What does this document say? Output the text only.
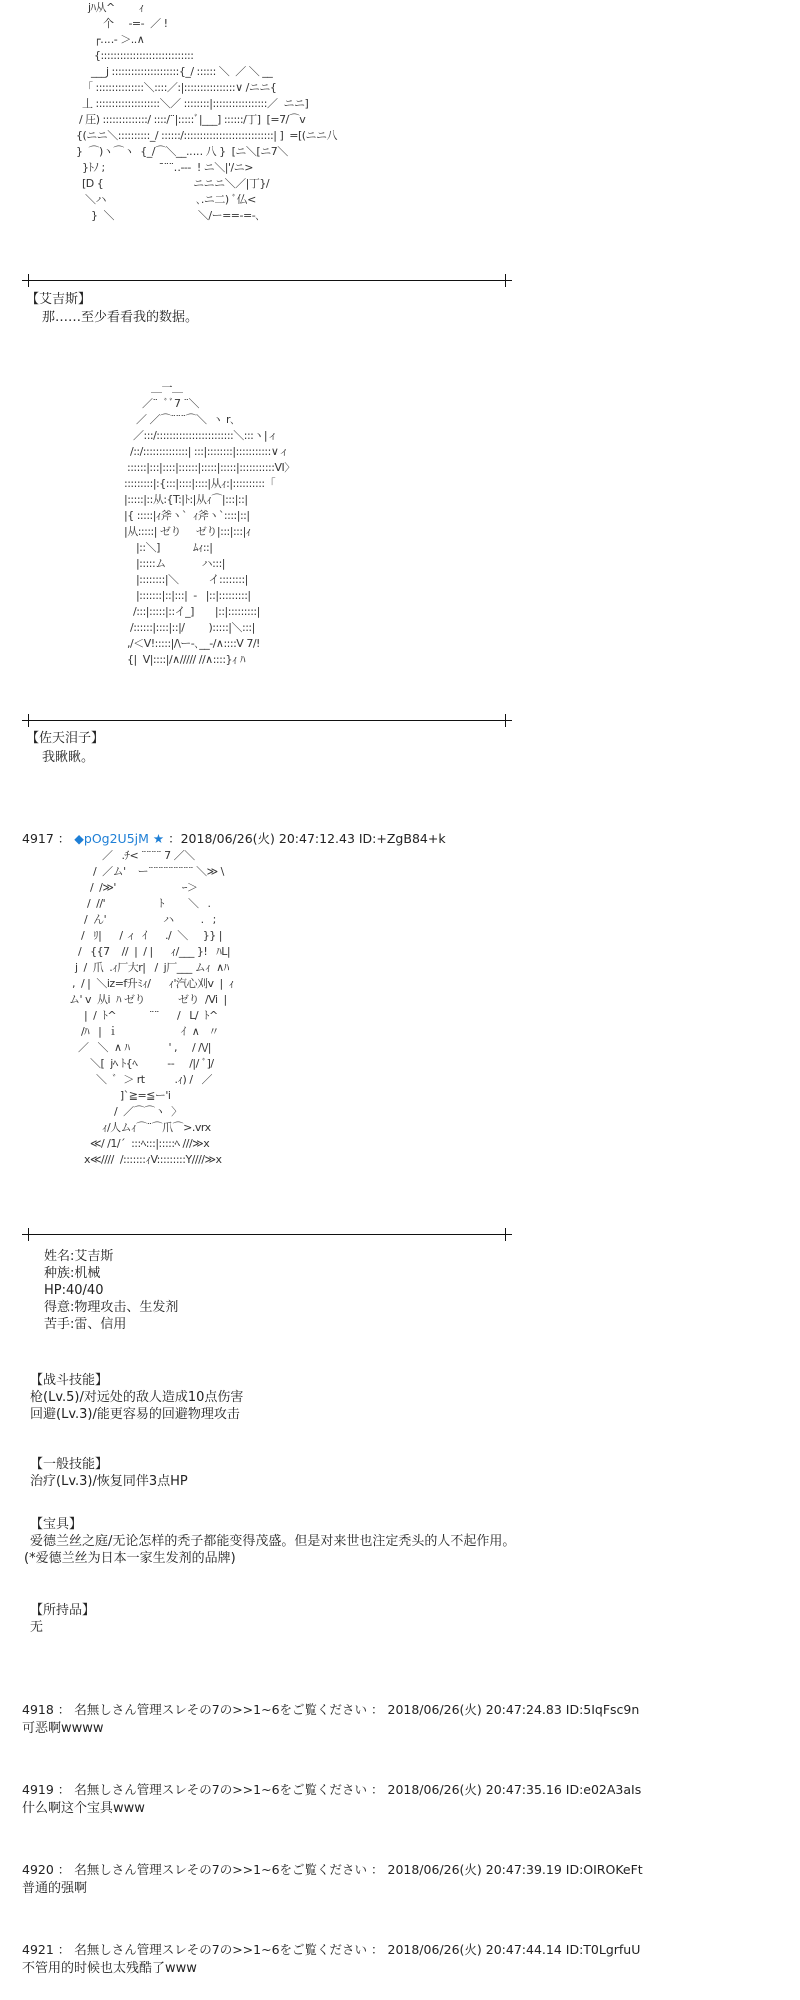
jﾊ从^        ｨ
个     -=-  ／ !
┌‥‥- ＞..∧
{:::::::::::::::::::::::::::::
___j :::::::::::::::::::::{_/ :::::: ＼  ／ ＼ __
「 :::::::::::::::＼::::／:|::::::::::::::::∨ /ニニ{
丄 ::::::::::::::::::::＼／ ::::::::|:::::::::::::::::／  ニニ]
/ 圧) ::::::::::::::/ ::::/¨|:::::ﾞ|___] ::::::/丁]  [=7/⌒v
{(ニニ＼::::::::::_/ ::::::/::::::::::::::::::::::::::::| ]  =[(ニニ八
}  ⌒)ヽ⌒ヽ  {_/⌒＼__.‥‥ 八 }  [ニ＼[ニ7＼
}ﾄﾉ ;                  ¯¨¨‥---  ! ニ＼|'/ニ>
[D {                              ニニニ＼／|丁}/
＼ハ                              ､.ニ二) ﾞ仏<
}  ＼                            ＼/ー==‐=-､
【艾吉斯】
那……至少看看我的数据。
＿一＿
／¨  ﾞﾞ7 ¨＼
／ ／⌒¨¨¨⌒＼  ヽ r､
／:::/::::::::::::::::::::::::＼:::ヽ|ィ
/::/::::::::::::::| :::|::::::::|:::::::::::∨ィ
::::::|:::|::::|::::::|:::::|:::::|:::::::::::VI〉
:::::::::|:{:::|::::|::::|从ｨ:|::::::::::「
|:::::|::从:{T:|ﾄ:|从ｨ⌒|:::|::|
|{ :::::|ｨ斧ヽ`  ｨ斧ヽ`::::|::|
|从:::::| ゼり     ゼり|:::|:::|ｨ
|::＼]           ﾑｨ::|
|:::::ム            ハ:::|
|::::::::|＼          イ::::::::|
|:::::::|::|:::|  ‐   |::|:::::::::|
/:::|:::::|::イ_]       |::|:::::::::|
/::::::|::::|::|/        ):::::|＼:::|
,/＜V!:::::|/\ー‐､__‐/∧::::V 7/!
{|  V|::::|/∧///// //∧::::}ｨ ﾊ
【佐天泪子】
我瞅瞅。
4917 ： ◆pOg2U5jM ★ ：2018/06/26(火) 20:47:12.43 ID:+ZgB84+k
／   .ﾁ< ¨¨¨¨ 7 ／＼
/  ／ム'    ー¨¨¨¨¨¨¨¨¨ ＼≫ \
/  /≫'                      ｰ＞
/  //'                  ﾄ        ＼   .
/  ん'                   ハ         .   ;
/   ﾘ|      / ィ  ｲ      ./  ＼     }} |
/   {{7    //  |  / |      ｨ/___ }!   ﾊL|
j  /  爪  .ｨ厂大r|   /  j厂___ ムｨ  ∧ﾊ
,  / |  ＼iz=f升ﾐｨ/      ｨ'汽心刈v  |  ｨ
ム' v  从i  ﾊ ゼり           ゼり  /Vi  |
|  /  ﾄ^           ¨¨      /   L/  ﾄ^
/ﾊ   |  ｉ                     ｲ  ∧   〃
／   ＼  ∧ ﾊ             ' ,     / /\/|
＼[  jﾍ ﾄ{ﾍ          -‐     /|/ ﾞ]/
＼  ﾞ  ＞ rt          .ｨ) /   ／
]`≧=≦ー'i
/  ／⌒⌒ヽ  〉
ｨ/人ムｨ⌒¨⌒爪⌒>.vrx
≪/ /1/´  :::ﾍ:::|:::::ﾍ ///≫x
x≪////  /:::::::ｨV:::::::::Y////≫x
姓名:艾吉斯
种族:机械
HP:40/40
得意:物理攻击、生发剂
苦手:雷、信用
【战斗技能】
枪(Lv.5)/对远处的敌人造成10点伤害
回避(Lv.3)/能更容易的回避物理攻击
【一般技能】
治疗(Lv.3)/恢复同伴3点HP
【宝具】
爱德兰丝之庭/无论怎样的秃子都能变得茂盛。但是对来世也注定秃头的人不起作用。
(*爱德兰丝为日本一家生发剂的品牌)
【所持品】
无
4918 ： 名無しさん管理スレその7の>>1~6をご覧ください ： 2018/06/26(火) 20:47:24.83 ID:5IqFsc9n
可恶啊wwww
4919 ： 名無しさん管理スレその7の>>1~6をご覧ください ： 2018/06/26(火) 20:47:35.16 ID:e02A3aIs
什么啊这个宝具www
4920 ： 名無しさん管理スレその7の>>1~6をご覧ください ： 2018/06/26(火) 20:47:39.19 ID:OIROKeFt
普通的强啊
4921 ： 名無しさん管理スレその7の>>1~6をご覧ください ： 2018/06/26(火) 20:47:44.14 ID:T0LgrfuU
不管用的时候也太残酷了www
